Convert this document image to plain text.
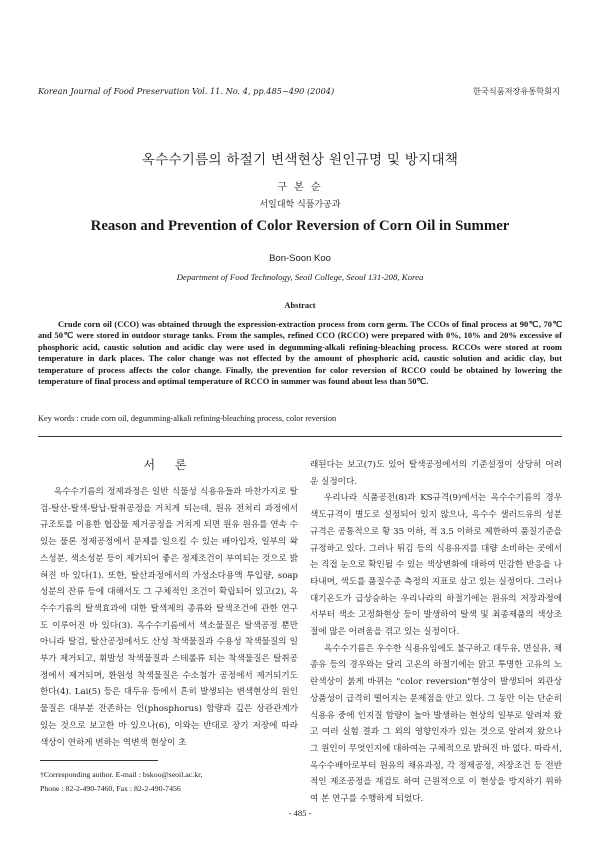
Korean Journal of Food Preservation Vol. 11. No. 4, pp.485~490 (2004)	한국식품저장유통학회지
옥수수기름의 하절기 변색현상 원인규명 및 방지대책
구 본 순
서일대학 식품가공과
Reason and Prevention of Color Reversion of Corn Oil in Summer
Bon-Soon Koo
Department of Food Technology, Seoil College, Seoul 131-208, Korea
Abstract
Crude corn oil (CCO) was obtained through the expression-extraction process from corn germ. The CCOs of final process at 90℃, 70℃ and 50℃ were stored in outdoor storage tanks. From the samples, refined CCO (RCCO) were prepared with 0%, 10% and 20% excessive of phosphoric acid, caustic solution and acidic clay were used in degumming-alkali refining-bleaching process. RCCOs were stored at room temperature in dark places. The color change was not effected by the amount of phosphoric acid, caustic solution and acidic clay, but temperature of process affects the color change. Finally, the prevention for color reversion of RCCO could be obtained by lowering the temperature of final process and optimal temperature of RCCO in summer was found about less than 50℃.
Key words : crude corn oil, degumming-alkali refining-bleaching process, color reversion
서 론

옥수수기름의 정제과정은 일반 식물성 식용유들과 마찬가지로 탈검-탈산-탈색-탈납-탈취공정을 거치게 되는데, 원유 전처리 과정에서 규조토를 이용한 협잡물 제거공정을 거치게 되면 원유 원유를 연속 수 있는 물론 정제공정에서 문제를 일으킬 수 있는 배아입자, 일부의 왁스성분, 색소성분 등이 제거되어 좋은 정제조건이 부여되는 것으로 밝혀진 바 있다(1). 또한, 탈산과정에서의 가성소다용액 투입량, soap 성분의 잔류 등에 대해서도 그 구체적인 조건이 확립되어 있고(2), 옥수수기름의 탈색효과에 대한 탈색제의 종류와 탈색조건에 관한 연구도 이루어진 바 있다(3). 옥수수기름에서 색소물질은 탈색공정 뿐만 아니라 탈검, 탈산공정에서도 산성 착색물질과 수용성 착색물질의 일부가 제거되고, 휘발성 착색물질과 스테롤류 되는 착색물질은 탈취공정에서 제거되며, 환원성 착색물질은 수소첨가 공정에서 제거되기도 한다(4). Lai(5) 등은 대두유 등에서 흔히 발생되는 변색현상의 원인물질은 대부분 잔존하는 인(phosphorus) 함량과 깊은 상관관계가 있는 것으로 보고한 바 있으나(6), 이와는 반대로 장기 저장에 따라 색상이 연하게 변하는 역변색 현상이 초

래된다는 보고(7)도 있어 탈색공정에서의 기준설정이 상당히 어려운 실정이다.

우리나라 식품공전(8)과 KS규격(9)에서는 옥수수기름의 경우 색도규격이 별도로 설정되어 있지 않으나, 옥수수 샐러드유의 성분규격은 공통적으로 황 35 이하, 적 3.5 이하로 제한하여 품질기준을 규정하고 있다. 그러나 튀김 등의 식용유지를 대량 소비하는 곳에서는 직접 눈으로 확인될 수 있는 색상변화에 대하여 민감한 반응을 나타내며, 색도를 품질수준 측정의 지표로 삼고 있는 실정이다. 그러나 대기온도가 급상승하는 우리나라의 하절기에는 원유의 저장과정에서부터 색소 고정화현상 등이 발생하여 탈색 및 최종제품의 색상조절에 많은 어려움을 겪고 있는 실정이다.

옥수수기름은 우수한 식용유임에도 불구하고 대두유, 면실유, 채종유 등의 경우와는 달리 고온의 하절기에는 맑고 투명한 고유의 노란색상이 붉게 바뀌는 "color reversion"현상이 발생되어 외관상 상품성이 급격히 떨어지는 문제점을 안고 있다. 그 동안 이는 단순히 식용유 중에 인지질 함량이 높아 발생하는 현상의 일부로 알려져 왔고 여러 실험 결과 그 외의 영향인자가 있는 것으로 알려져 왔으나 그 원인이 무엇인지에 대하여는 구체적으로 밝혀진 바 없다. 따라서, 옥수수배아로부터 원유의 채유과정, 각 정제공정, 저장조건 등 전반적인 제조공정을 재검토 하여 근원적으로 이 현상을 방지하기 위하여 본 연구를 수행하게 되었다.

†Corresponding author. E-mail : bskoo@seoil.ac.kr,
Phone : 82-2-490-7460, Fax : 82-2-490-7456
- 485 -
